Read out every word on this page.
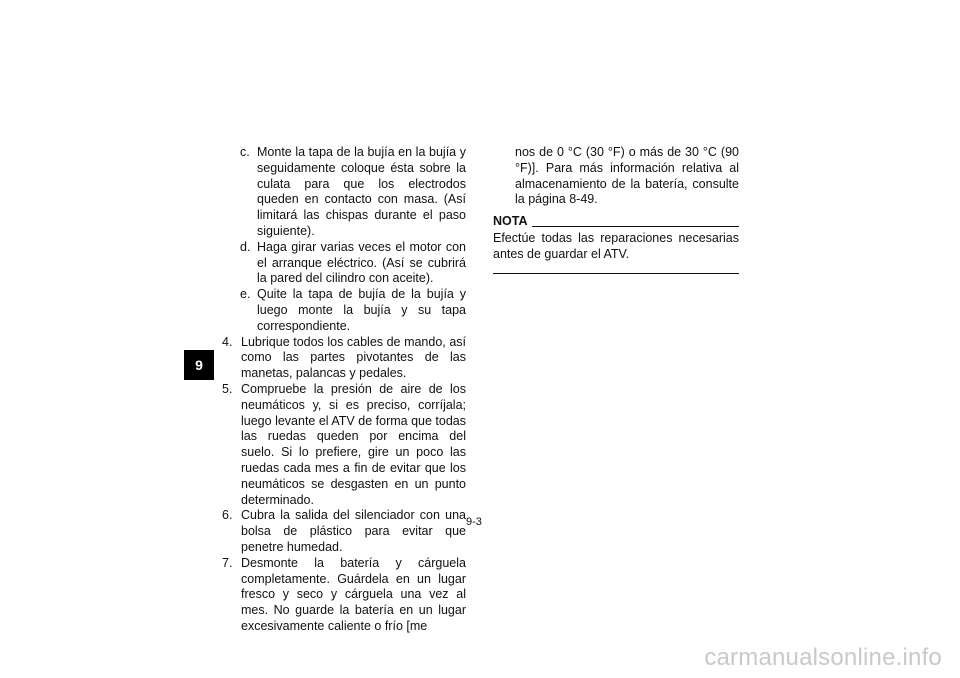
9
c. Monte la tapa de la bujía en la bujía y seguidamente coloque ésta sobre la culata para que los electrodos queden en contacto con masa. (Así limitará las chispas durante el paso siguiente).
d. Haga girar varias veces el motor con el arranque eléctrico. (Así se cubrirá la pared del cilindro con aceite).
e. Quite la tapa de bujía de la bujía y luego monte la bujía y su tapa correspondiente.
4. Lubrique todos los cables de mando, así como las partes pivotantes de las manetas, palancas y pedales.
5. Compruebe la presión de aire de los neumáticos y, si es preciso, corríjala; luego levante el ATV de forma que todas las ruedas queden por encima del suelo. Si lo prefiere, gire un poco las ruedas cada mes a fin de evitar que los neumáticos se desgasten en un punto determinado.
6. Cubra la salida del silenciador con una bolsa de plástico para evitar que penetre humedad.
7. Desmonte la batería y cárguela completamente. Guárdela en un lugar fresco y seco y cárguela una vez al mes. No guarde la batería en un lugar excesivamente caliente o frío [me
nos de 0 °C (30 °F) o más de 30 °C (90 °F)]. Para más información relativa al almacenamiento de la batería, consulte la página 8-49.
NOTA
Efectúe todas las reparaciones necesarias antes de guardar el ATV.
9-3
carmanualsonline.info
